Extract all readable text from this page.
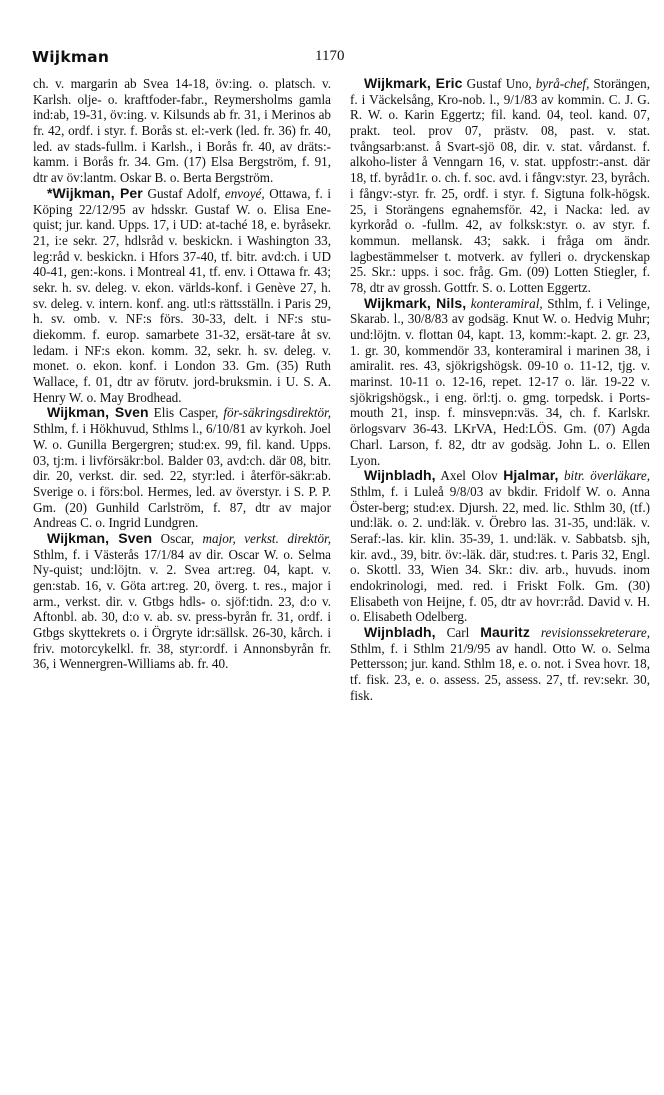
Wijkman	1170

ch. v. margarin ab Svea 14-18, öv:ing. o. platsch. v. Karlsh. olje- o. kraftfoder-fabr., Reymersholms gamla ind:ab, 19-31, öv:ing. v. Kilsunds ab fr. 31, i Merinos ab fr. 42, ordf. i styr. f. Borås st. el:-verk (led. fr. 36) fr. 40, led. av stads-fullm. i Karlsh., i Borås fr. 40, av dräts:-kamm. i Borås fr. 34. Gm. (17) Elsa Bergström, f. 91, dtr av öv:lantm. Oskar B. o. Berta Bergström.

*Wijkman, Per Gustaf Adolf, envoyé, Ottawa, f. i Köping 22/12/95 av hdsskr. Gustaf W. o. Elisa Ene-quist; jur. kand. Upps. 17, i UD: at-taché 18, e. byråsekr. 21, i:e sekr. 27, hdlsråd v. beskickn. i Washington 33, leg:råd v. beskickn. i Hfors 37-40, tf. bitr. avd:ch. i UD 40-41, gen:-kons. i Montreal 41, tf. env. i Ottawa fr. 43; sekr. h. sv. deleg. v. ekon. världs-konf. i Genève 27, h. sv. deleg. v. intern. konf. ang. utl:s rättsställn. i Paris 29, h. sv. omb. v. NF:s förs. 30-33, delt. i NF:s stu-diekomm. f. europ. samarbete 31-32, ersät-tare åt sv. ledam. i NF:s ekon. komm. 32, sekr. h. sv. deleg. v. monet. o. ekon. konf. i London 33. Gm. (35) Ruth Wallace, f. 01, dtr av förutv. jord-bruksmin. i U. S. A. Henry W. o. May Brodhead.

Wijkman, Sven Elis Casper, för-säkringsdirektör, Sthlm, f. i Hökhuvud, Sthlms l., 6/10/81 av kyrkoh. Joel W. o. Gunilla Bergergren; stud:ex. 99, fil. kand. Upps. 03, tj:m. i livförsäkr:bol. Balder 03, avd:ch. där 08, bitr. dir. 20, verkst. dir. sed. 22, styr:led. i återför-säkr:ab. Sverige o. i förs:bol. Hermes, led. av överstyr. i S. P. P. Gm. (20) Gunhild Carlström, f. 87, dtr av major Andreas C. o. Ingrid Lundgren.

Wijkman, Sven Oscar, major, verkst. direktör, Sthlm, f. i Västerås 17/1/84 av dir. Oscar W. o. Selma Ny-quist; und:löjtn. v. 2. Svea art:reg. 04, kapt. v. gen:stab. 16, v. Göta art:reg. 20, överg. t. res., major i arm., verkst. dir. v. Gtbgs hdls- o. sjöf:tidn. 23, d:o v. Aftonbl. ab. 30, d:o v. ab. sv. press-byrån fr. 31, ordf. i Gtbgs skyttekrets o. i Örgryte idr:sällsk. 26-30, kårch. i friv. motorcykelkl. fr. 38, styr:ordf. i Annonsbyrån fr. 36, i Wennergren-Williams ab. fr. 40.

Wijkmark, Eric Gustaf Uno, byrå-chef, Storängen, f. i Väckelsång, Kro-nob. l., 9/1/83 av kommin. C. J. G. R. W. o. Karin Eggertz; fil. kand. 04, teol. kand. 07, prakt. teol. prov 07, prästv. 08, past. v. stat. tvångsarb:anst. å Svart-sjö 08, dir. v. stat. vårdanst. f. alkoho-lister å Venngarn 16, v. stat. uppfostr:-anst. där 18, tf. byråd1r. o. ch. f. soc. avd. i fångv:styr. 23, byråch. i fångv:-styr. fr. 25, ordf. i styr. f. Sigtuna folk-högsk. 25, i Storängens egnahemsför. 42, i Nacka: led. av kyrkoråd o. -fullm. 42, av folksk:styr. o. av styr. f. kommun. mellansk. 43; sakk. i fråga om ändr. lagbestämmelser t. motverk. av fylleri o. dryckenskap 25. Skr.: upps. i soc. fråg. Gm. (09) Lotten Stiegler, f. 78, dtr av grossh. Gottfr. S. o. Lotten Eggertz.

Wijkmark, Nils, konteramiral, Sthlm, f. i Velinge, Skarab. l., 30/8/83 av godsäg. Knut W. o. Hedvig Muhr; und:löjtn. v. flottan 04, kapt. 13, komm:-kapt. 2. gr. 23, 1. gr. 30, kommendör 33, konteramiral i marinen 38, i amiralit. res. 43, sjökrigshögsk. 09-10 o. 11-12, tjg. v. marinst. 10-11 o. 12-16, repet. 12-17 o. lär. 19-22 v. sjökrigshögsk., i eng. örl:tj. o. gmg. torpedsk. i Ports-mouth 21, insp. f. minsvepn:väs. 34, ch. f. Karlskr. örlogsvarv 36-43. LKrVA, Hed:LÖS. Gm. (07) Agda Charl. Larson, f. 82, dtr av godsäg. John L. o. Ellen Lyon.

Wijnbladh, Axel Olov Hjalmar, bitr. överläkare, Sthlm, f. i Luleå 9/8/03 av bkdir. Fridolf W. o. Anna Öster-berg; stud:ex. Djursh. 22, med. lic. Sthlm 30, (tf.) und:läk. o. 2. und:läk. v. Örebro las. 31-35, und:läk. v. Seraf:-las. kir. klin. 35-39, 1. und:läk. v. Sabbatsb. sjh, kir. avd., 39, bitr. öv:-läk. där, stud:res. t. Paris 32, Engl. o. Skottl. 33, Wien 34. Skr.: div. arb., huvuds. inom endokrinologi, med. red. i Friskt Folk. Gm. (30) Elisabeth von Heijne, f. 05, dtr av hovr:råd. David v. H. o. Elisabeth Odelberg.

Wijnbladh, Carl Mauritz revisionssekreterare, Sthlm, f. i Sthlm 21/9/95 av handl. Otto W. o. Selma Pettersson; jur. kand. Sthlm 18, e. o. not. i Svea hovr. 18, tf. fisk. 23, e. o. assess. 25, assess. 27, tf. rev:sekr. 30, fisk.
